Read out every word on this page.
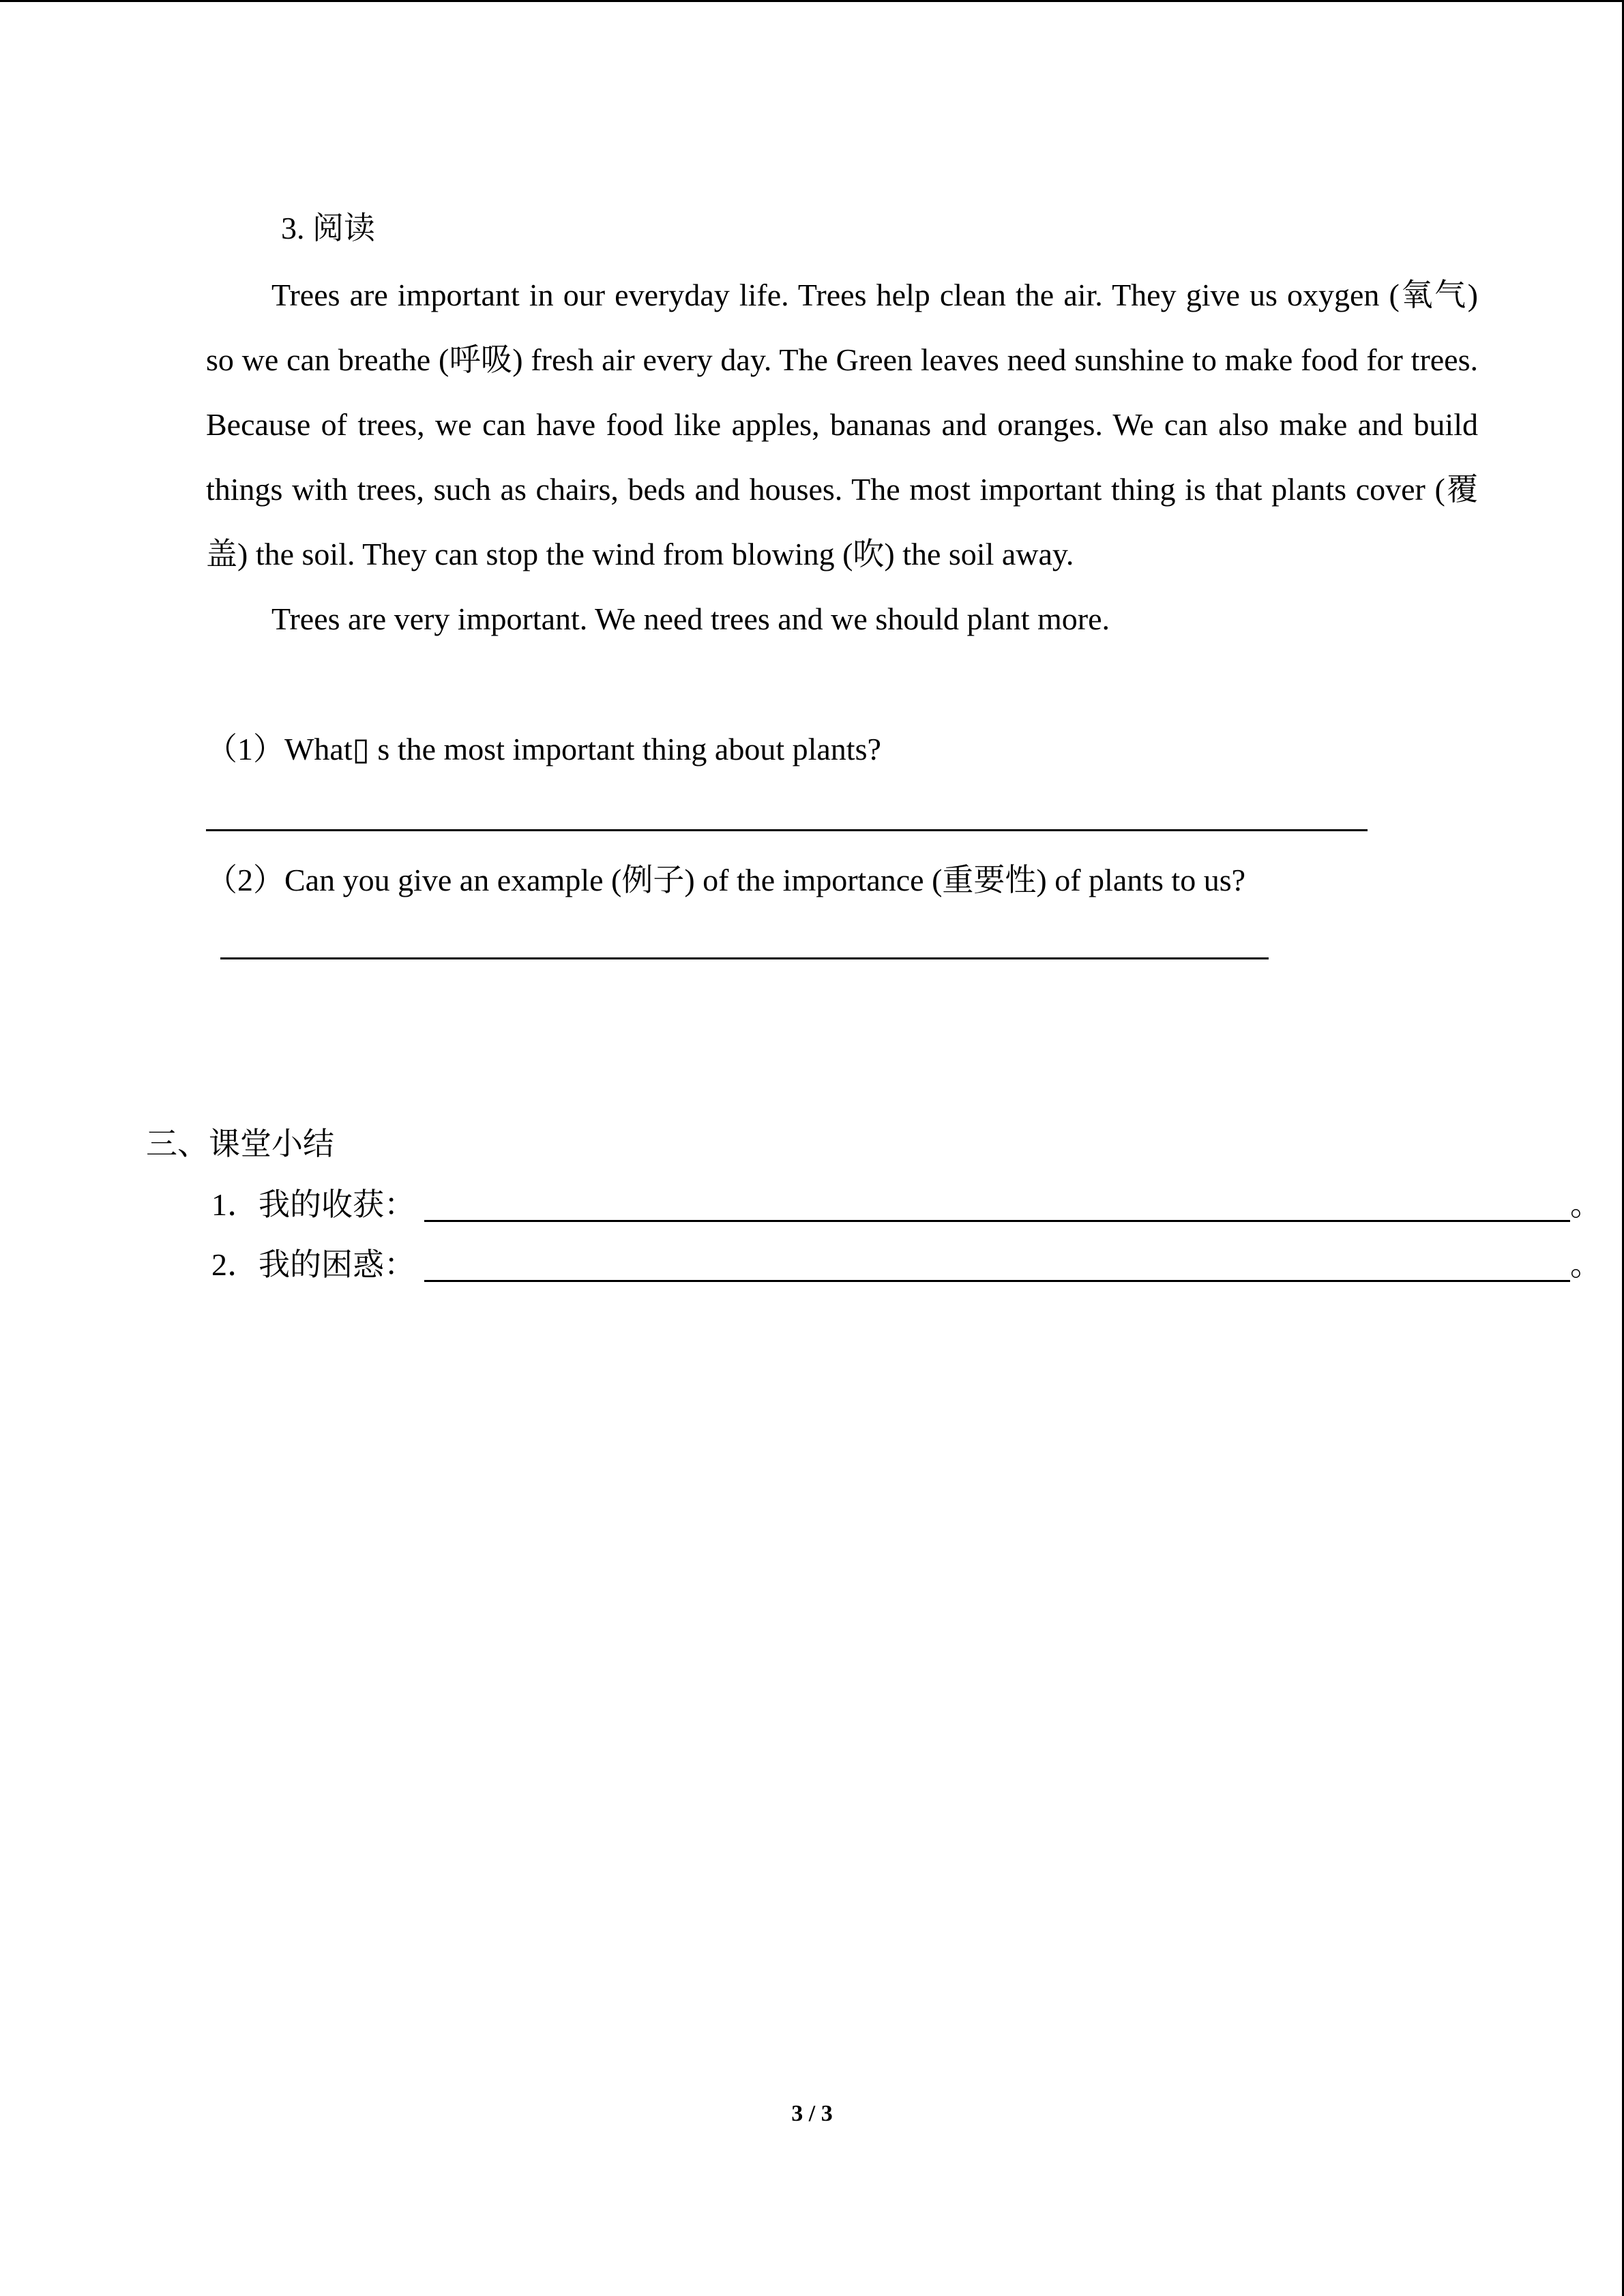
3. 阅读

Trees are important in our everyday life. Trees help clean the air. They give us oxygen (氧气) so we can breathe (呼吸) fresh air every day. The Green leaves need sunshine to make food for trees. Because of trees, we can have food like apples, bananas and oranges. We can also make and build things with trees, such as chairs, beds and houses. The most important thing is that plants cover (覆盖) the soil. They can stop the wind from blowing (吹) the soil away.

Trees are very important. We need trees and we should plant more.

（1）What▯ s the most important thing about plants?
（2）Can you give an example (例子) of the importance (重要性) of plants to us?
三、课堂小结
1．我的收获：	。
2．我的困惑：	。
3 / 3
